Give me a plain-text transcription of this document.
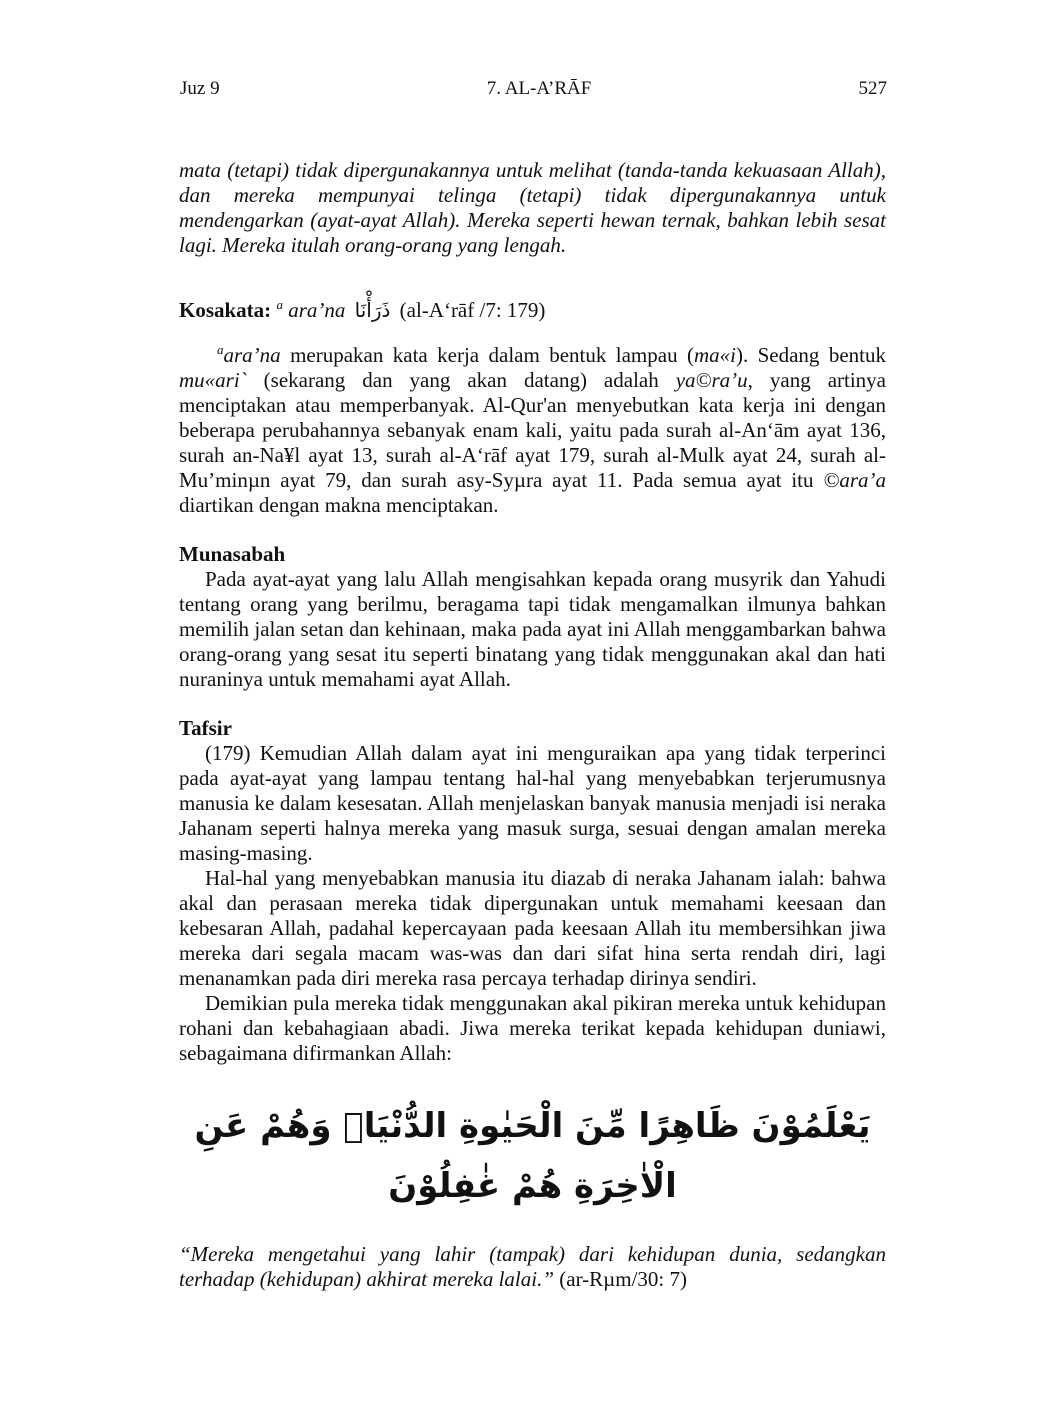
Juz 9	7. AL-A’RĀF	527

mata (tetapi) tidak dipergunakannya untuk melihat (tanda-tanda kekuasaan Allah), dan mereka mempunyai telinga (tetapi) tidak dipergunakannya untuk mendengarkan (ayat-ayat Allah). Mereka seperti hewan ternak, bahkan lebih sesat lagi. Mereka itulah orang-orang yang lengah.

Kosakata: $^a$ ara’na ذَرَأْنَا (al-A‘rāf /7: 179)

$^a$ara’na merupakan kata kerja dalam bentuk lampau (ma«i). Sedang bentuk mu«ari` (sekarang dan yang akan datang) adalah ya©ra’u, yang artinya menciptakan atau memperbanyak. Al-Qur'an menyebutkan kata kerja ini dengan beberapa perubahannya sebanyak enam kali, yaitu pada surah al-An‘ām ayat 136, surah an-Na¥l ayat 13, surah al-A‘rāf ayat 179, surah al-Mulk ayat 24, surah al-Mu’minµn ayat 79, dan surah asy-Syµra ayat 11. Pada semua ayat itu ©ara’a diartikan dengan makna menciptakan.

Munasabah

Pada ayat-ayat yang lalu Allah mengisahkan kepada orang musyrik dan Yahudi tentang orang yang berilmu, beragama tapi tidak mengamalkan ilmunya bahkan memilih jalan setan dan kehinaan, maka pada ayat ini Allah menggambarkan bahwa orang-orang yang sesat itu seperti binatang yang tidak menggunakan akal dan hati nuraninya untuk memahami ayat Allah.

Tafsir

(179) Kemudian Allah dalam ayat ini menguraikan apa yang tidak terperinci pada ayat-ayat yang lampau tentang hal-hal yang menyebabkan terjerumusnya manusia ke dalam kesesatan. Allah menjelaskan banyak manusia menjadi isi neraka Jahanam seperti halnya mereka yang masuk surga, sesuai dengan amalan mereka masing-masing.

Hal-hal yang menyebabkan manusia itu diazab di neraka Jahanam ialah: bahwa akal dan perasaan mereka tidak dipergunakan untuk memahami keesaan dan kebesaran Allah, padahal kepercayaan pada keesaan Allah itu membersihkan jiwa mereka dari segala macam was-was dan dari sifat hina serta rendah diri, lagi menanamkan pada diri mereka rasa percaya terhadap dirinya sendiri.

Demikian pula mereka tidak menggunakan akal pikiran mereka untuk kehidupan rohani dan kebahagiaan abadi. Jiwa mereka terikat kepada kehidupan duniawi, sebagaimana difirmankan Allah:

يَعْلَمُوْنَ ظَاهِرًا مِّنَ الْحَيٰوةِ الدُّنْيَاۖ وَهُمْ عَنِ الْاٰخِرَةِ هُمْ غٰفِلُوْنَ

“Mereka mengetahui yang lahir (tampak) dari kehidupan dunia, sedangkan terhadap (kehidupan) akhirat mereka lalai.” (ar-Rµm/30: 7)
